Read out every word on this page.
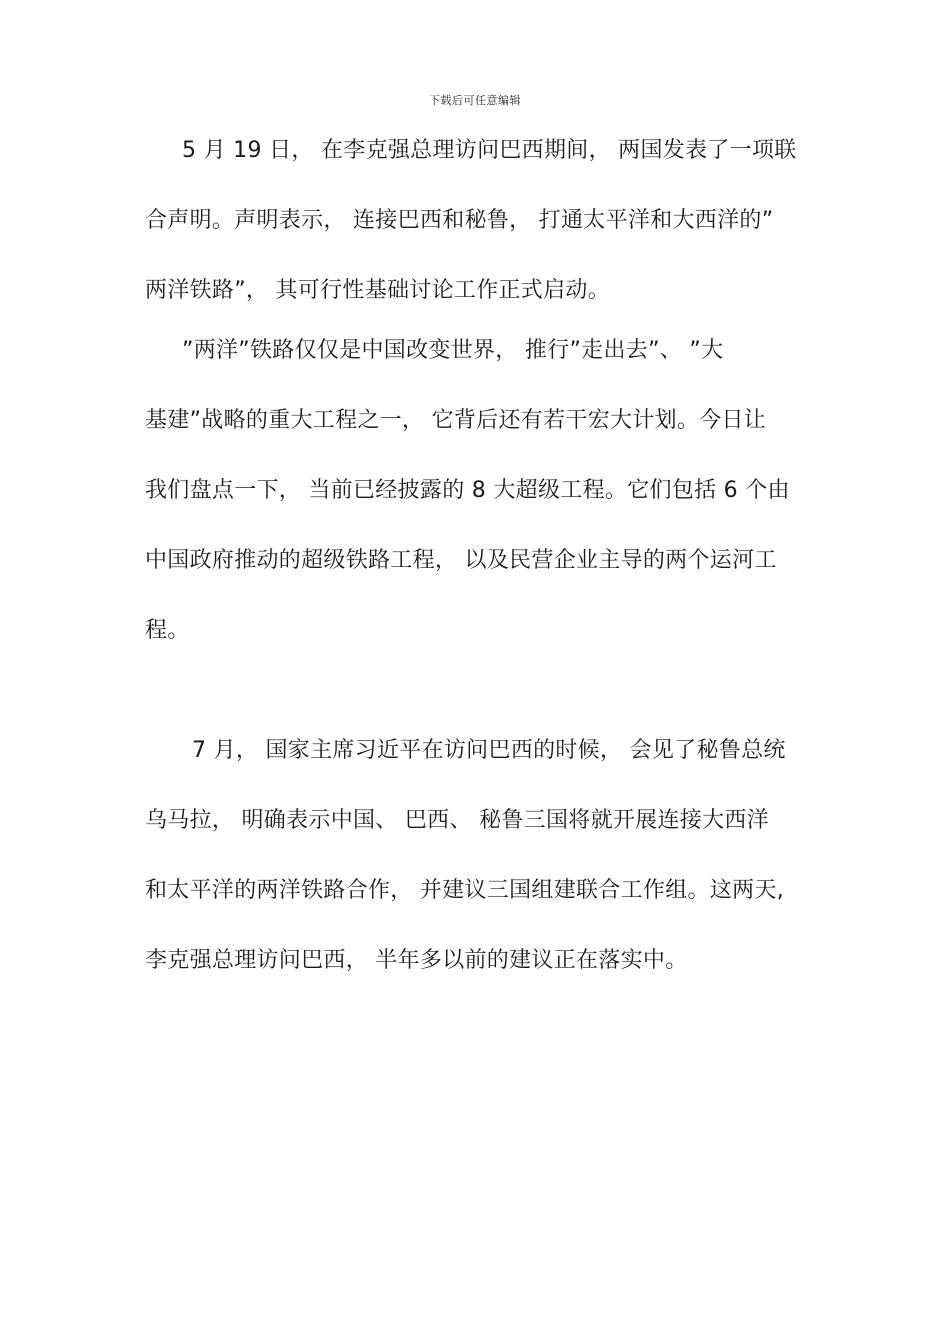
下载后可任意编辑
5 月 19 日， 在李克强总理访问巴西期间， 两国发表了一项联
合声明。声明表示， 连接巴西和秘鲁， 打通太平洋和大西洋的”
两洋铁路”， 其可行性基础讨论工作正式启动。
”两洋”铁路仅仅是中国改变世界， 推行”走出去”、 ”大
基建”战略的重大工程之一， 它背后还有若干宏大计划。今日让
我们盘点一下， 当前已经披露的 8 大超级工程。它们包括 6 个由
中国政府推动的超级铁路工程， 以及民营企业主导的两个运河工
程。
7 月， 国家主席习近平在访问巴西的时候， 会见了秘鲁总统
乌马拉， 明确表示中国、 巴西、 秘鲁三国将就开展连接大西洋
和太平洋的两洋铁路合作， 并建议三国组建联合工作组。这两天,
李克强总理访问巴西， 半年多以前的建议正在落实中。
